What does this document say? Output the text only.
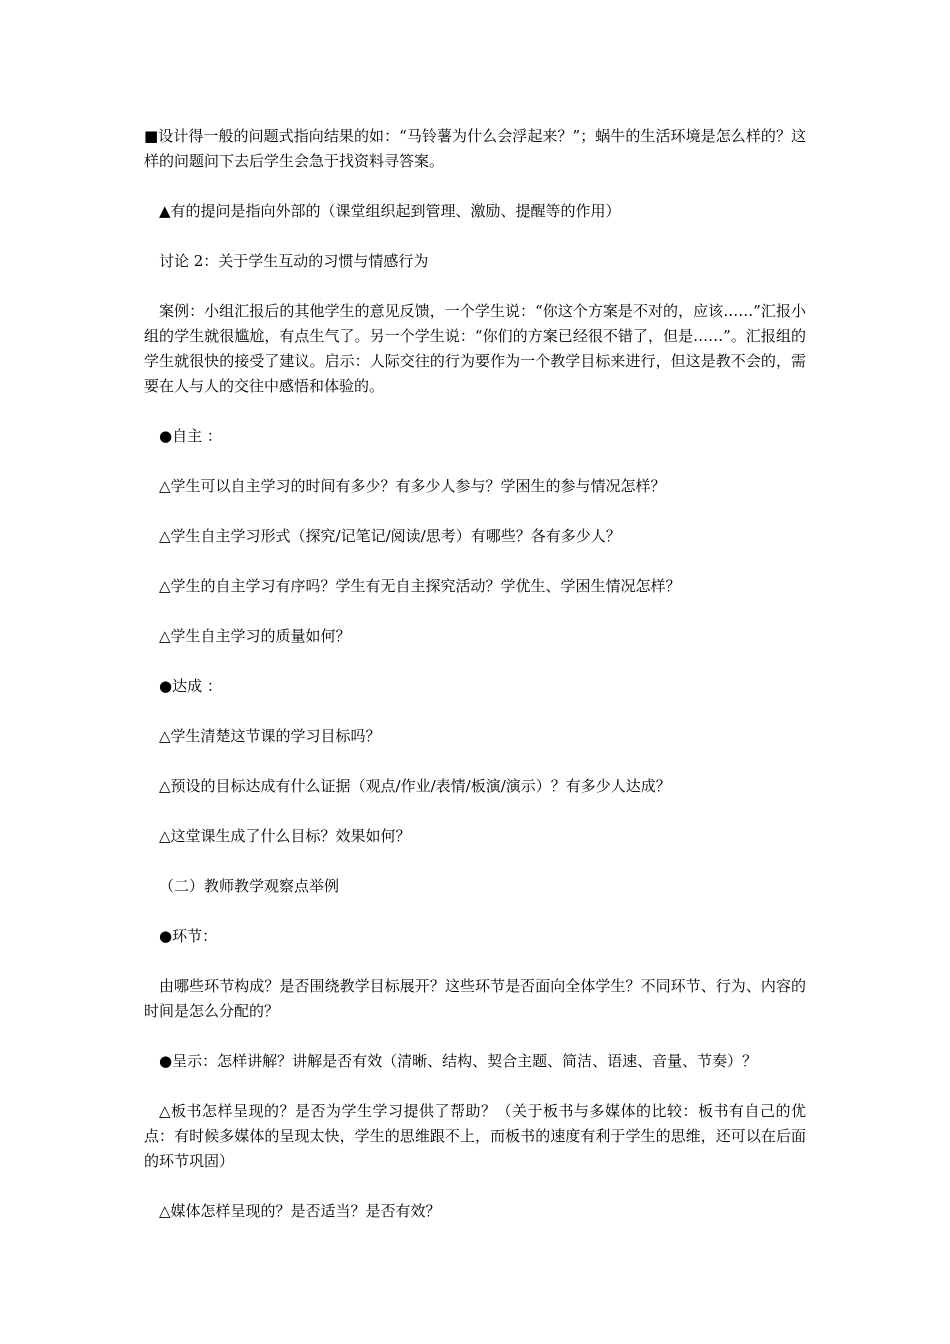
■设计得一般的问题式指向结果的如：“马铃薯为什么会浮起来？”；蜗牛的生活环境是怎么样的？这样的问题问下去后学生会急于找资料寻答案。

▲有的提问是指向外部的（课堂组织起到管理、激励、提醒等的作用）

讨论 2：关于学生互动的习惯与情感行为

案例：小组汇报后的其他学生的意见反馈，一个学生说：“你这个方案是不对的，应该……”汇报小组的学生就很尴尬，有点生气了。另一个学生说：“你们的方案已经很不错了，但是……”。汇报组的学生就很快的接受了建议。启示：人际交往的行为要作为一个教学目标来进行，但这是教不会的，需要在人与人的交往中感悟和体验的。

●自主 ：

△学生可以自主学习的时间有多少？有多少人参与？学困生的参与情况怎样？

△学生自主学习形式（探究/记笔记/阅读/思考）有哪些？各有多少人？

△学生的自主学习有序吗？学生有无自主探究活动？学优生、学困生情况怎样？

△学生自主学习的质量如何？

●达成 ：

△学生清楚这节课的学习目标吗？

△预设的目标达成有什么证据（观点/作业/表情/板演/演示）？有多少人达成？

△这堂课生成了什么目标？效果如何？

（二）教师教学观察点举例

●环节：

由哪些环节构成？是否围绕教学目标展开？这些环节是否面向全体学生？不同环节、行为、内容的时间是怎么分配的？

●呈示：怎样讲解？讲解是否有效（清晰、结构、契合主题、简洁、语速、音量、节奏）？

△板书怎样呈现的？是否为学生学习提供了帮助？（关于板书与多媒体的比较：板书有自己的优点：有时候多媒体的呈现太快，学生的思维跟不上，而板书的速度有利于学生的思维，还可以在后面的环节巩固）

△媒体怎样呈现的？是否适当？是否有效？
